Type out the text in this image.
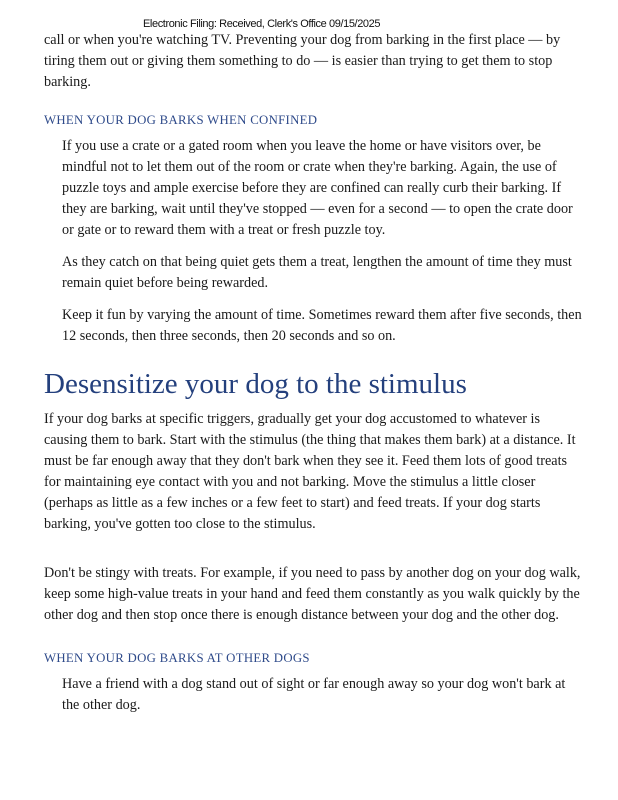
Electronic Filing: Received, Clerk's Office 09/15/2025

call or when you're watching TV. Preventing your dog from barking in the first place — by tiring them out or giving them something to do — is easier than trying to get them to stop barking.

WHEN YOUR DOG BARKS WHEN CONFINED

If you use a crate or a gated room when you leave the home or have visitors over, be mindful not to let them out of the room or crate when they're barking. Again, the use of puzzle toys and ample exercise before they are confined can really curb their barking. If they are barking, wait until they've stopped — even for a second — to open the crate door or gate or to reward them with a treat or fresh puzzle toy.

As they catch on that being quiet gets them a treat, lengthen the amount of time they must remain quiet before being rewarded.

Keep it fun by varying the amount of time. Sometimes reward them after five seconds, then 12 seconds, then three seconds, then 20 seconds and so on.

Desensitize your dog to the stimulus

If your dog barks at specific triggers, gradually get your dog accustomed to whatever is causing them to bark. Start with the stimulus (the thing that makes them bark) at a distance. It must be far enough away that they don't bark when they see it. Feed them lots of good treats for maintaining eye contact with you and not barking. Move the stimulus a little closer (perhaps as little as a few inches or a few feet to start) and feed treats. If your dog starts barking, you've gotten too close to the stimulus.

Don't be stingy with treats. For example, if you need to pass by another dog on your dog walk, keep some high-value treats in your hand and feed them constantly as you walk quickly by the other dog and then stop once there is enough distance between your dog and the other dog.

WHEN YOUR DOG BARKS AT OTHER DOGS

Have a friend with a dog stand out of sight or far enough away so your dog won't bark at the other dog.
